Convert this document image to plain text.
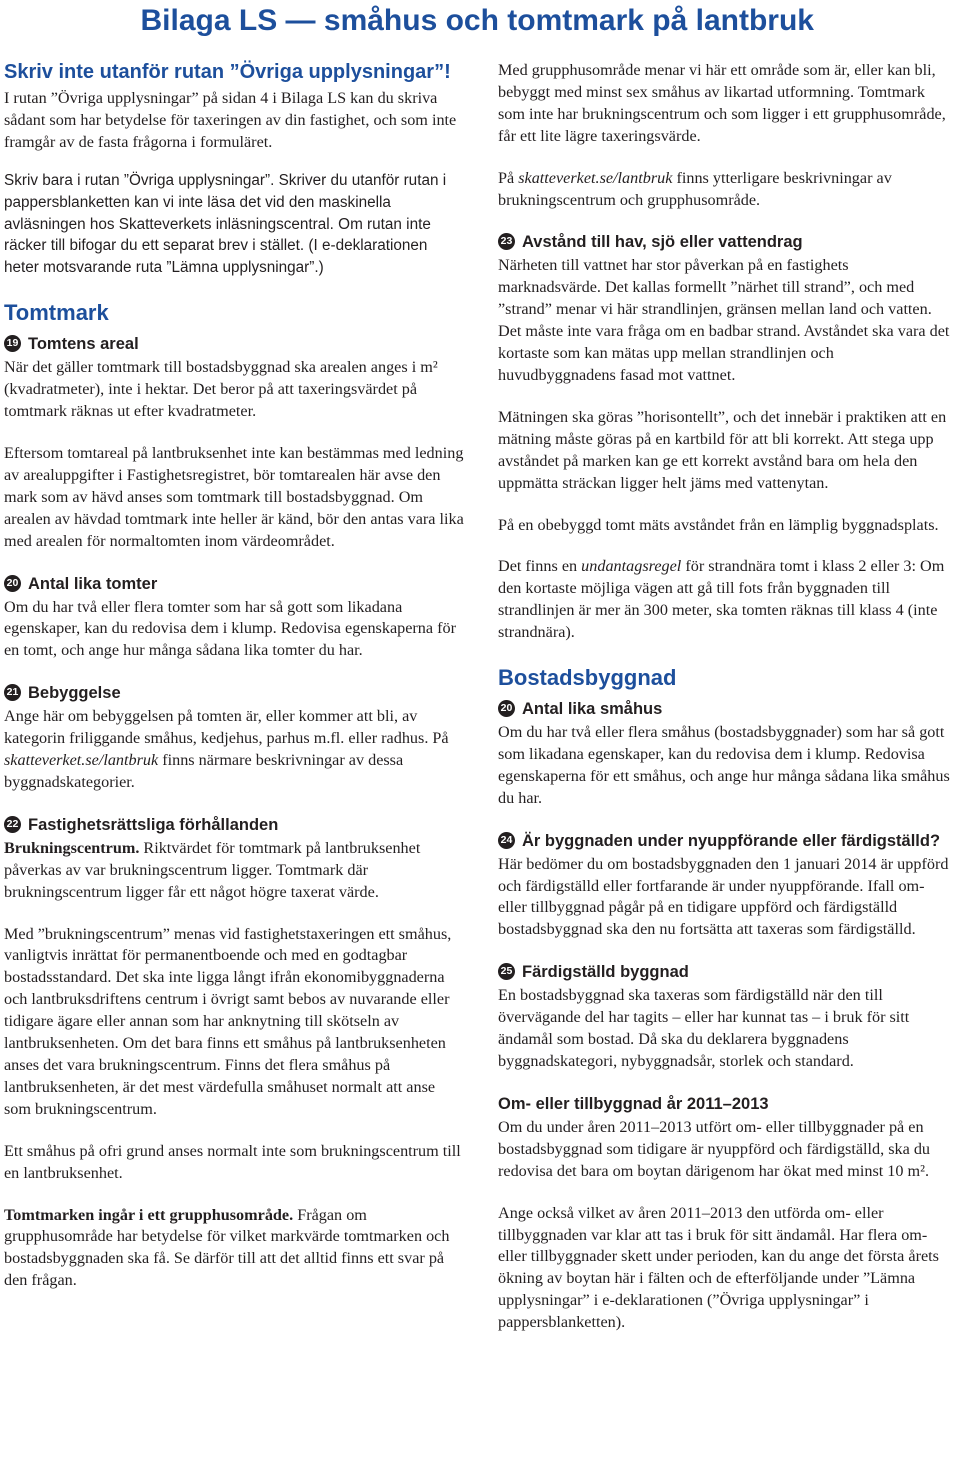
Bilaga LS — småhus och tomtmark på lantbruk
Skriv inte utanför rutan ”Övriga upplysningar”!

I rutan ”Övriga upplysningar” på sidan 4 i Bilaga LS kan du skriva sådant som har betydelse för taxeringen av din fastighet, och som inte framgår av de fasta frågorna i formuläret.

Skriv bara i rutan ”Övriga upplysningar”. Skriver du utanför rutan i pappersblanketten kan vi inte läsa det vid den maskinella avläsningen hos Skatteverkets inläsningscentral. Om rutan inte räcker till bifogar du ett separat brev i stället. (I e-deklarationen heter motsvarande ruta ”Lämna upplysningar”.)

Tomtmark
19 Tomtens areal

När det gäller tomtmark till bostadsbyggnad ska arealen anges i m² (kvadratmeter), inte i hektar. Det beror på att taxeringsvärdet på tomtmark räknas ut efter kvadratmeter.

Eftersom tomtareal på lantbruksenhet inte kan bestämmas med ledning av arealuppgifter i Fastighetsregistret, bör tomtarealen här avse den mark som av hävd anses som tomtmark till bostadsbyggnad. Om arealen av hävdad tomtmark inte heller är känd, bör den antas vara lika med arealen för normaltomten inom värdeområdet.

20 Antal lika tomter

Om du har två eller flera tomter som har så gott som likadana egenskaper, kan du redovisa dem i klump. Redovisa egenskaperna för en tomt, och ange hur många sådana lika tomter du har.

21 Bebyggelse

Ange här om bebyggelsen på tomten är, eller kommer att bli, av kategorin friliggande småhus, kedjehus, parhus m.fl. eller radhus. På skatteverket.se/lantbruk finns närmare beskrivningar av dessa byggnadskategorier.

22 Fastighetsrättsliga förhållanden

Brukningscentrum. Riktvärdet för tomtmark på lantbruksenhet påverkas av var brukningscentrum ligger. Tomtmark där brukningscentrum ligger får ett något högre taxerat värde.

Med ”brukningscentrum” menas vid fastighetstaxeringen ett småhus, vanligtvis inrättat för permanentboende och med en godtagbar bostadsstandard. Det ska inte ligga långt ifrån ekonomibyggnaderna och lantbruksdriftens centrum i övrigt samt bebos av nuvarande eller tidigare ägare eller annan som har anknytning till skötseln av lantbruksenheten. Om det bara finns ett småhus på lantbruksenheten anses det vara brukningscentrum. Finns det flera småhus på lantbruksenheten, är det mest värdefulla småhuset normalt att anse som brukningscentrum.

Ett småhus på ofri grund anses normalt inte som brukningscentrum till en lantbruksenhet.

Tomtmarken ingår i ett grupphusområde. Frågan om grupphusområde har betydelse för vilket markvärde tomtmarken och bostadsbyggnaden ska få. Se därför till att det alltid finns ett svar på den frågan.

Med grupphusområde menar vi här ett område som är, eller kan bli, bebyggt med minst sex småhus av likartad utformning. Tomtmark som inte har brukningscentrum och som ligger i ett grupphusområde, får ett lite lägre taxeringsvärde.

På skatteverket.se/lantbruk finns ytterligare beskrivningar av brukningscentrum och grupphusområde.

23 Avstånd till hav, sjö eller vattendrag

Närheten till vattnet har stor påverkan på en fastighets marknadsvärde. Det kallas formellt ”närhet till strand”, och med ”strand” menar vi här strandlinjen, gränsen mellan land och vatten. Det måste inte vara fråga om en badbar strand. Avståndet ska vara det kortaste som kan mätas upp mellan strandlinjen och huvudbyggnadens fasad mot vattnet.

Mätningen ska göras ”horisontellt”, och det innebär i praktiken att en mätning måste göras på en kartbild för att bli korrekt. Att stega upp avståndet på marken kan ge ett korrekt avstånd bara om hela den uppmätta sträckan ligger helt jäms med vattenytan.

På en obebyggd tomt mäts avståndet från en lämplig byggnadsplats.

Det finns en undantagsregel för strandnära tomt i klass 2 eller 3: Om den kortaste möjliga vägen att gå till fots från byggnaden till strandlinjen är mer än 300 meter, ska tomten räknas till klass 4 (inte strandnära).

Bostadsbyggnad
20 Antal lika småhus

Om du har två eller flera småhus (bostadsbyggnader) som har så gott som likadana egenskaper, kan du redovisa dem i klump. Redovisa egenskaperna för ett småhus, och ange hur många sådana lika småhus du har.

24 Är byggnaden under nyuppförande eller färdigställd?

Här bedömer du om bostadsbyggnaden den 1 januari 2014 är uppförd och färdigställd eller fortfarande är under nyuppförande. Ifall om- eller tillbyggnad pågår på en tidigare uppförd och färdigställd bostadsbyggnad ska den nu fortsätta att taxeras som färdigställd.

25 Färdigställd byggnad

En bostadsbyggnad ska taxeras som färdigställd när den till övervägande del har tagits – eller har kunnat tas – i bruk för sitt ändamål som bostad. Då ska du deklarera byggnadens byggnadskategori, nybyggnadsår, storlek och standard.

Om- eller tillbyggnad år 2011–2013

Om du under åren 2011–2013 utfört om- eller tillbyggnader på en bostadsbyggnad som tidigare är nyuppförd och färdigställd, ska du redovisa det bara om boytan därigenom har ökat med minst 10 m².

Ange också vilket av åren 2011–2013 den utförda om- eller tillbyggnaden var klar att tas i bruk för sitt ändamål. Har flera om- eller tillbyggnader skett under perioden, kan du ange det första årets ökning av boytan här i fälten och de efterföljande under ”Lämna upplysningar” i e-deklarationen (”Övriga upplysningar” i pappersblanketten).
